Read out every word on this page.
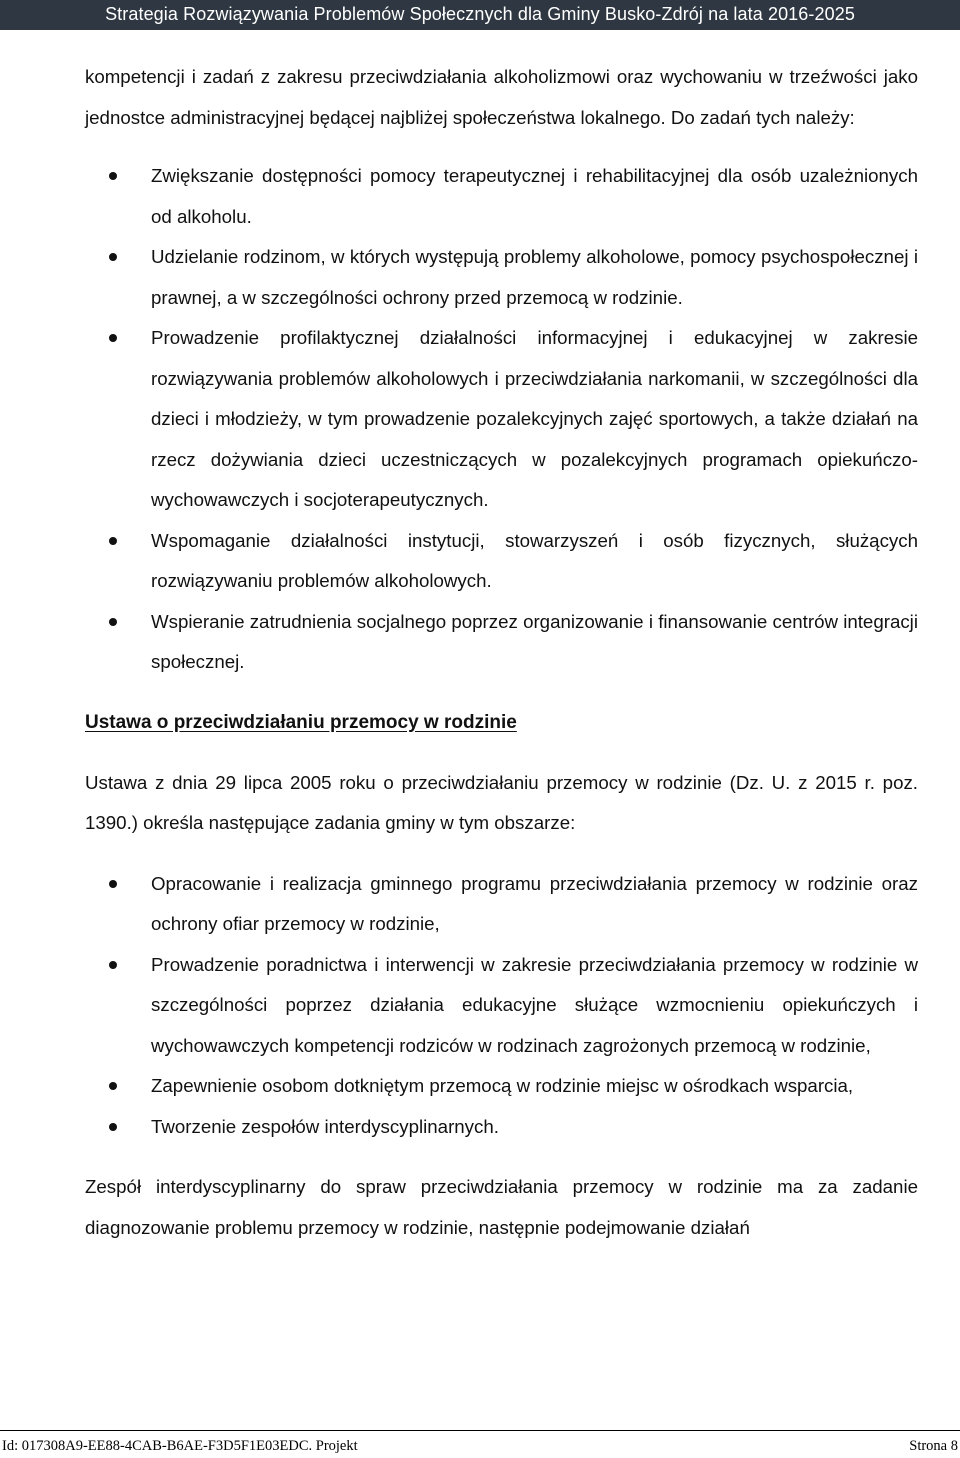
Strategia Rozwiązywania Problemów Społecznych dla Gminy Busko-Zdrój na lata 2016-2025

kompetencji i zadań z zakresu przeciwdziałania alkoholizmowi oraz wychowaniu w trzeźwości jako jednostce administracyjnej będącej najbliżej społeczeństwa lokalnego. Do zadań tych należy:

Zwiększanie dostępności pomocy terapeutycznej i rehabilitacyjnej dla osób uzależnionych od alkoholu.
Udzielanie rodzinom, w których występują problemy alkoholowe, pomocy psychospołecznej i prawnej, a w szczególności ochrony przed przemocą w rodzinie.
Prowadzenie profilaktycznej działalności informacyjnej i edukacyjnej w zakresie rozwiązywania problemów alkoholowych i przeciwdziałania narkomanii, w szczególności dla dzieci i młodzieży, w tym prowadzenie pozalekcyjnych zajęć sportowych, a także działań na rzecz dożywiania dzieci uczestniczących w pozalekcyjnych programach opiekuńczo-wychowawczych i socjoterapeutycznych.
Wspomaganie działalności instytucji, stowarzyszeń i osób fizycznych, służących rozwiązywaniu problemów alkoholowych.
Wspieranie zatrudnienia socjalnego poprzez organizowanie i finansowanie centrów integracji społecznej.
Ustawa o przeciwdziałaniu przemocy w rodzinie

Ustawa z dnia 29 lipca 2005 roku o przeciwdziałaniu przemocy w rodzinie (Dz. U. z 2015 r. poz. 1390.) określa następujące zadania gminy w tym obszarze:

Opracowanie i realizacja gminnego programu przeciwdziałania przemocy w rodzinie oraz ochrony ofiar przemocy w rodzinie,
Prowadzenie poradnictwa i interwencji w zakresie przeciwdziałania przemocy w rodzinie w szczególności poprzez działania edukacyjne służące wzmocnieniu opiekuńczych i wychowawczych kompetencji rodziców w rodzinach zagrożonych przemocą w rodzinie,
Zapewnienie osobom dotkniętym przemocą w rodzinie miejsc w ośrodkach wsparcia,
Tworzenie zespołów interdyscyplinarnych.

Zespół interdyscyplinarny do spraw przeciwdziałania przemocy w rodzinie ma za zadanie diagnozowanie problemu przemocy w rodzinie, następnie podejmowanie działań

Id: 017308A9-EE88-4CAB-B6AE-F3D5F1E03EDC. Projekt	Strona 8
